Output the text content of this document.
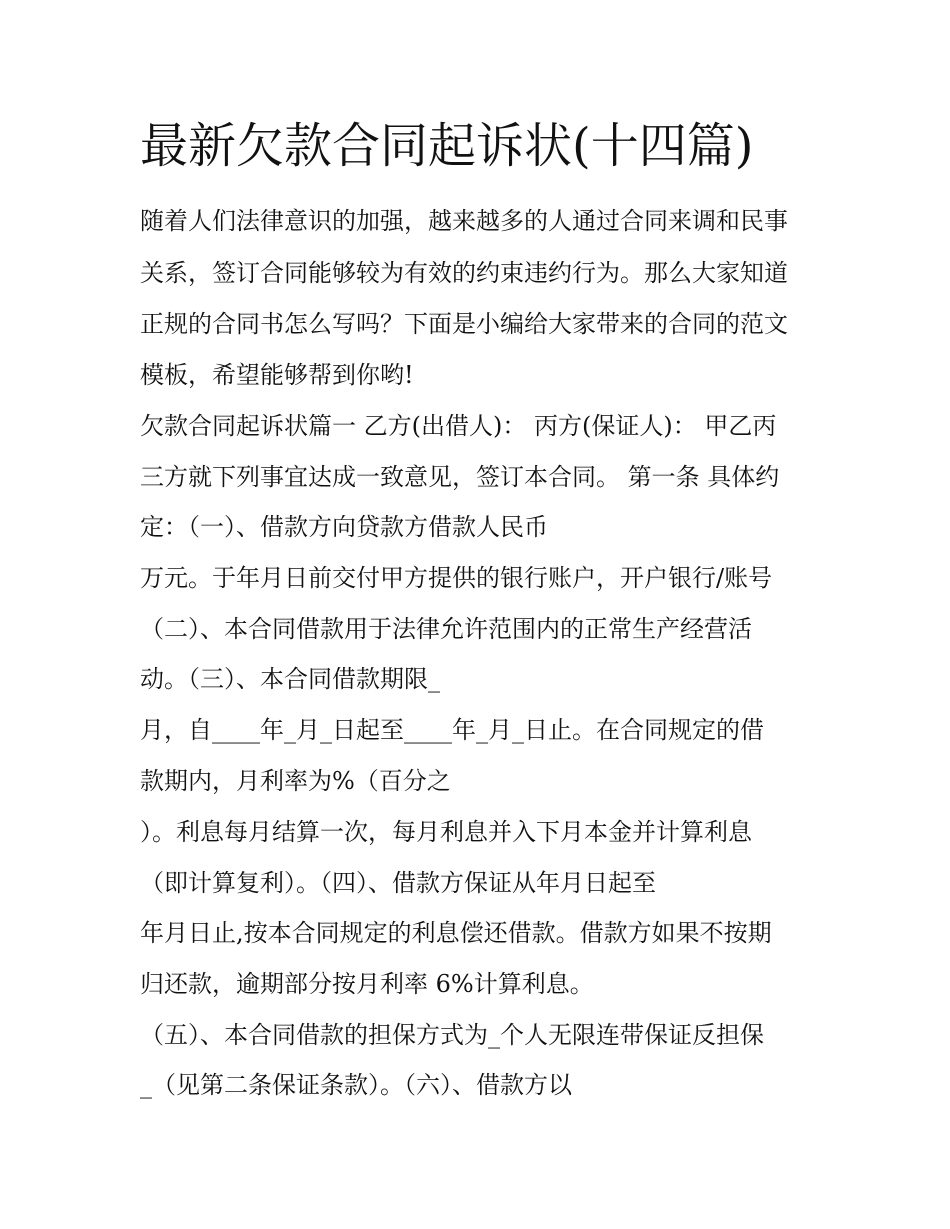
最新欠款合同起诉状(十四篇)
随着人们法律意识的加强，越来越多的人通过合同来调和民事
关系，签订合同能够较为有效的约束违约行为。那么大家知道
正规的合同书怎么写吗？下面是小编给大家带来的合同的范文
模板，希望能够帮到你哟!
欠款合同起诉状篇一 乙方(出借人)： 丙方(保证人)： 甲乙丙
三方就下列事宜达成一致意见，签订本合同。 第一条 具体约
定：（一）、借款方向贷款方借款人民币
万元。于年月日前交付甲方提供的银行账户，开户银行/账号
（二）、本合同借款用于法律允许范围内的正常生产经营活
动。（三）、本合同借款期限_
月，自____年_月_日起至____年_月_日止。在合同规定的借
款期内，月利率为%（百分之
）。利息每月结算一次，每月利息并入下月本金并计算利息
（即计算复利）。（四）、借款方保证从年月日起至
年月日止,按本合同规定的利息偿还借款。借款方如果不按期
归还款，逾期部分按月利率 6%计算利息。
（五）、本合同借款的担保方式为_个人无限连带保证反担保
_（见第二条保证条款）。（六）、借款方以
